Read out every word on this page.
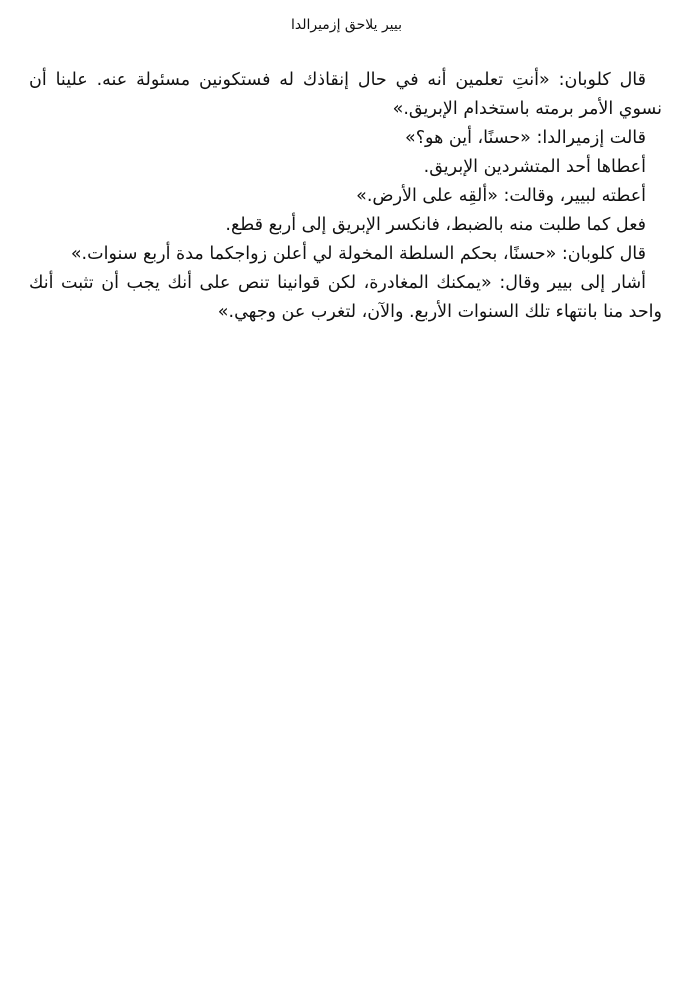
بيير يلاحق إزميرالدا

قال كلوبان: «أنتِ تعلمين أنه في حال إنقاذك له فستكونين مسئولة عنه. علينا أن نسوي الأمر برمته باستخدام الإبريق.»

قالت إزميرالدا: «حسنًا، أين هو؟»

أعطاها أحد المتشردين الإبريق.

أعطته لبيير، وقالت: «ألقِه على الأرض.»

فعل كما طلبت منه بالضبط، فانكسر الإبريق إلى أربع قطع.

قال كلوبان: «حسنًا، بحكم السلطة المخولة لي أعلن زواجكما مدة أربع سنوات.»

أشار إلى بيير وقال: «يمكنك المغادرة، لكن قوانينا تنص على أنك يجب أن تثبت أنك واحد منا بانتهاء تلك السنوات الأربع. والآن، لتغرب عن وجهي.»
